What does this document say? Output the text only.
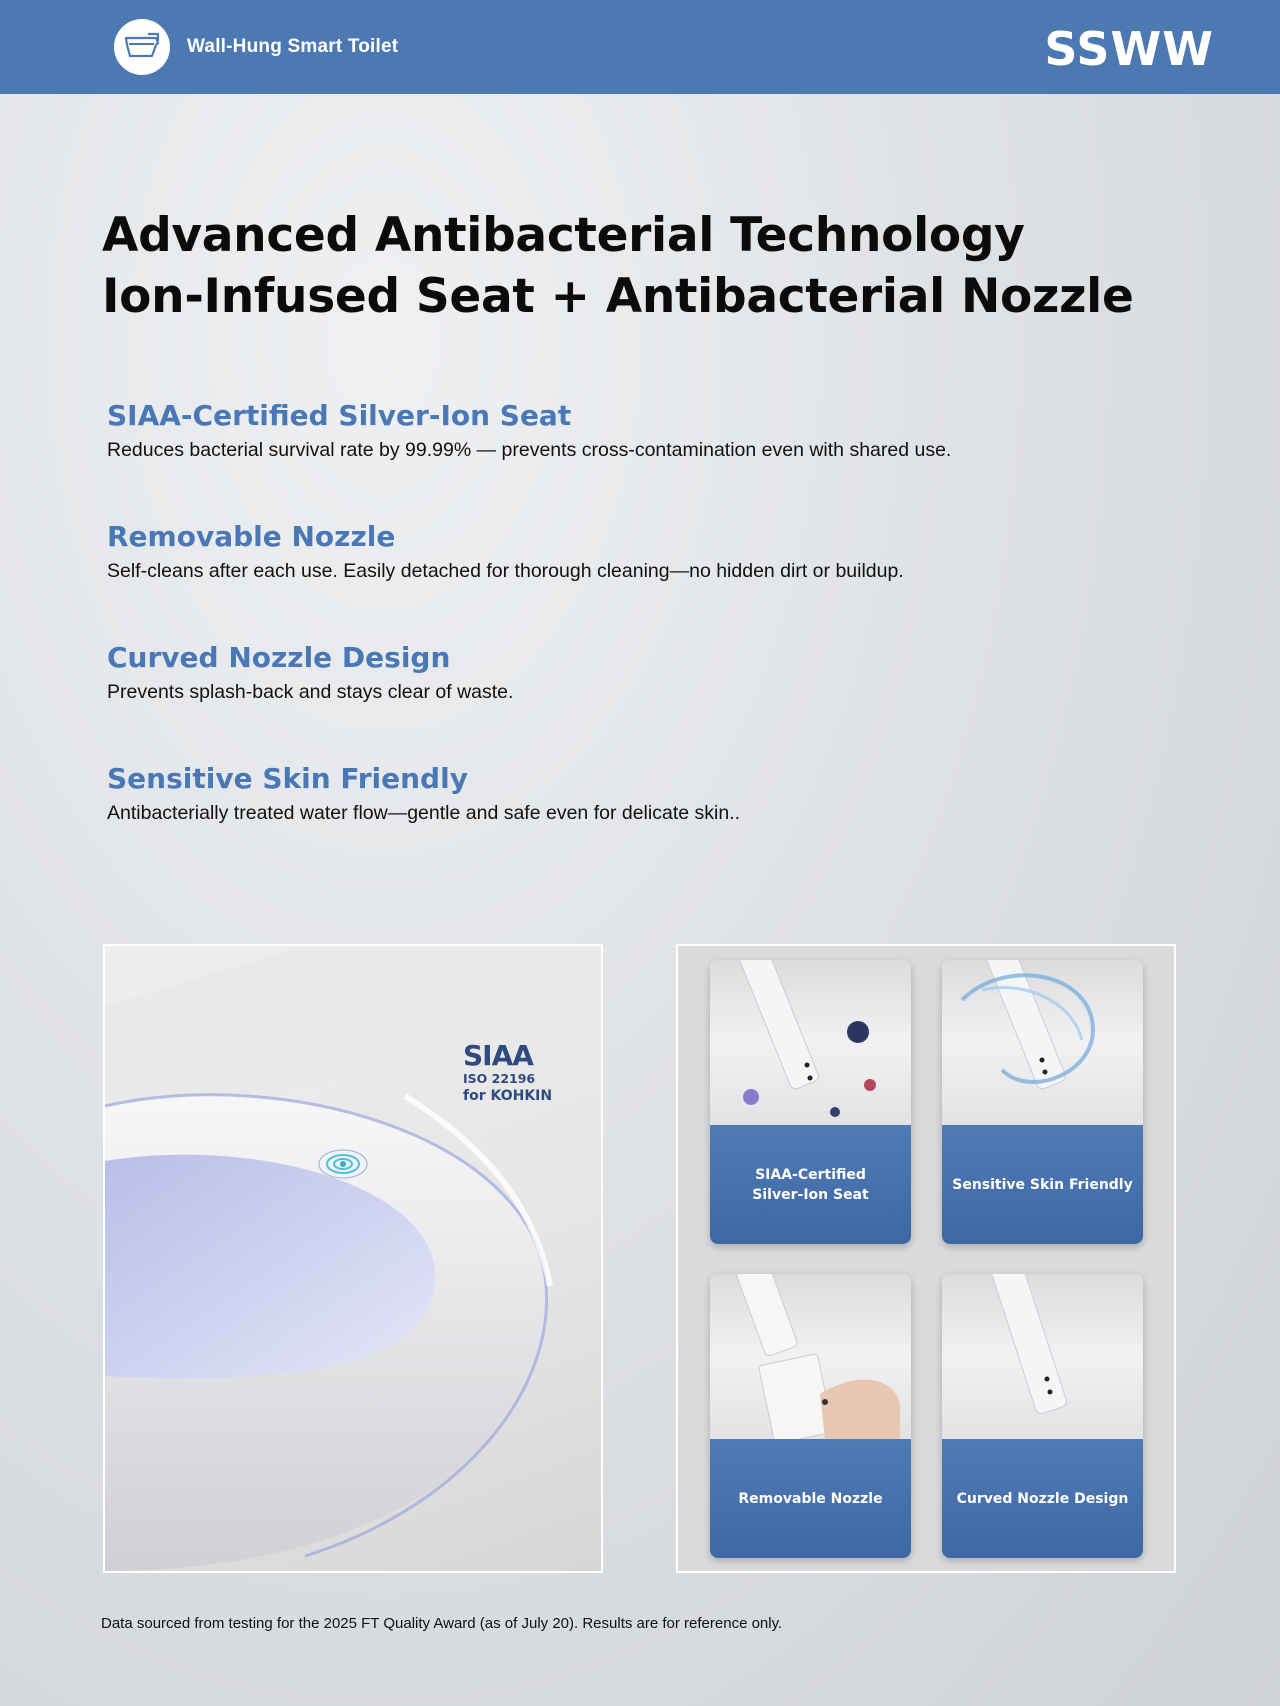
Wall-Hung Smart Toilet	SSWW
Advanced Antibacterial Technology
Ion-Infused Seat + Antibacterial Nozzle
SIAA-Certified Silver-Ion Seat
Reduces bacterial survival rate by 99.99% — prevents cross-contamination even with shared use.
Removable Nozzle
Self-cleans after each use. Easily detached for thorough cleaning—no hidden dirt or buildup.
Curved Nozzle Design
Prevents splash-back and stays clear of waste.
Sensitive Skin Friendly
Antibacterially treated water flow—gentle and safe even for delicate skin..
SIAA
ISO 22196
for KOHKIN
SIAA-Certified
Silver-Ion Seat
Sensitive Skin Friendly
Removable Nozzle	Curved Nozzle Design
Data sourced from testing for the 2025 FT Quality Award (as of July 20). Results are for reference only.
